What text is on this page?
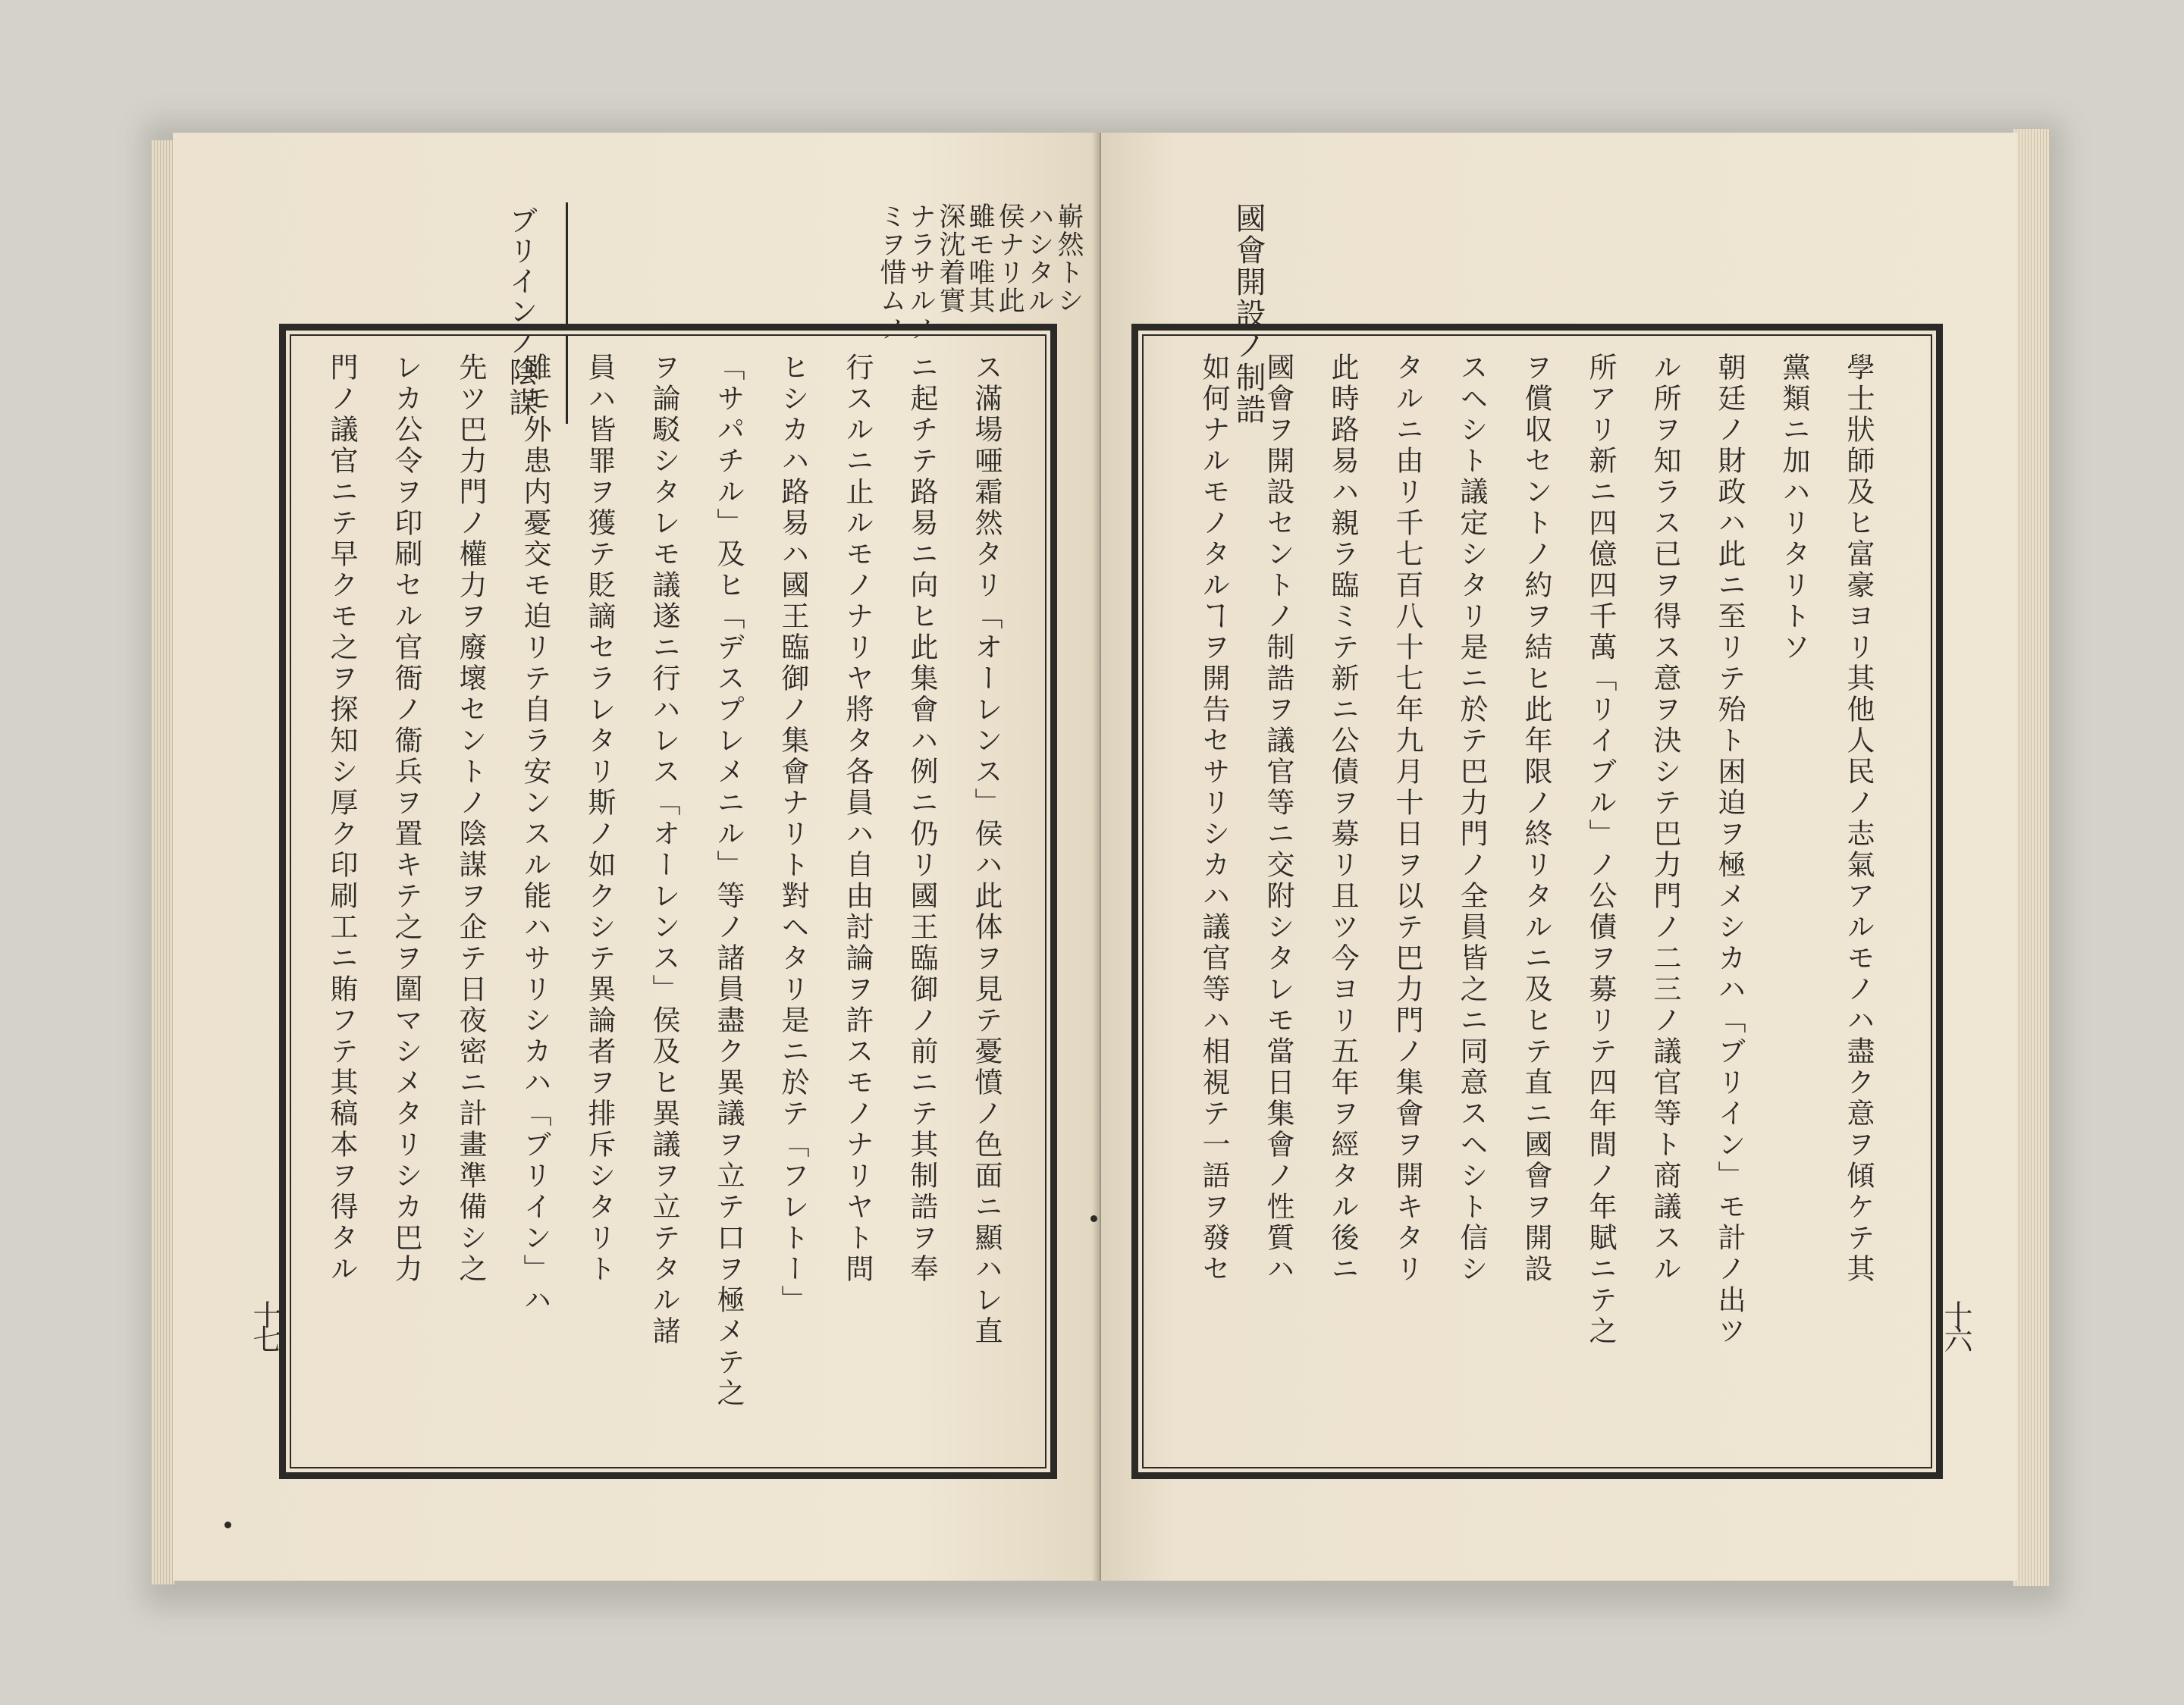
ミヲ惜ムノ ナラサルノ 深沈着實 雖モ唯其 侯ナリ此 ハシタル 嶄然トシ
ブリインノ陰謀
ス滿場唖霜然タリ「オーレンス」侯ハ此体ヲ見テ憂憤ノ色面ニ顯ハレ直
ニ起チテ路易ニ向ヒ此集會ハ例ニ仍リ國王臨御ノ前ニテ其制誥ヲ奉
行スルニ止ルモノナリヤ將タ各員ハ自由討論ヲ許スモノナリヤト問
ヒシカハ路易ハ國王臨御ノ集會ナリト對ヘタリ是ニ於テ「フレトー」
「サパチル」及ヒ「デスプレメニル」等ノ諸員盡ク異議ヲ立テ口ヲ極メテ之
ヲ論駁シタレモ議遂ニ行ハレス「オーレンス」侯及ヒ異議ヲ立テタル諸
員ハ皆罪ヲ獲テ貶謫セラレタリ斯ノ如クシテ異論者ヲ排斥シタリト
雖モ外患内憂交モ迫リテ自ラ安ンスル能ハサリシカハ「ブリイン」ハ
先ツ巴力門ノ權力ヲ廢壞セントノ陰謀ヲ企テ日夜密ニ計畫準備シ之
レカ公令ヲ印刷セル官衙ノ衞兵ヲ置キテ之ヲ圍マシメタリシカ巴力
門ノ議官ニテ早クモ之ヲ探知シ厚ク印刷工ニ賄フテ其稿本ヲ得タル
十七
國會開設ノ制誥
學士狀師及ヒ富豪ヨリ其他人民ノ志氣アルモノハ盡ク意ヲ傾ケテ其
黨類ニ加ハリタリトソ
朝廷ノ財政ハ此ニ至リテ殆ト困迫ヲ極メシカハ「ブリイン」モ計ノ出ツ
ル所ヲ知ラス已ヲ得ス意ヲ決シテ巴力門ノ二三ノ議官等ト商議スル
所アリ新ニ四億四千萬「リイブル」ノ公債ヲ募リテ四年間ノ年賦ニテ之
ヲ償収セントノ約ヲ結ヒ此年限ノ終リタルニ及ヒテ直ニ國會ヲ開設
スヘシト議定シタリ是ニ於テ巴力門ノ全員皆之ニ同意スヘシト信シ
タルニ由リ千七百八十七年九月十日ヲ以テ巴力門ノ集會ヲ開キタリ
此時路易ハ親ラ臨ミテ新ニ公債ヲ募リ且ツ今ヨリ五年ヲ經タル後ニ
國會ヲ開設セントノ制誥ヲ議官等ニ交附シタレモ當日集會ノ性質ハ
如何ナルモノタルヿヲ開告セサリシカハ議官等ハ相視テ一語ヲ發セ
十六
